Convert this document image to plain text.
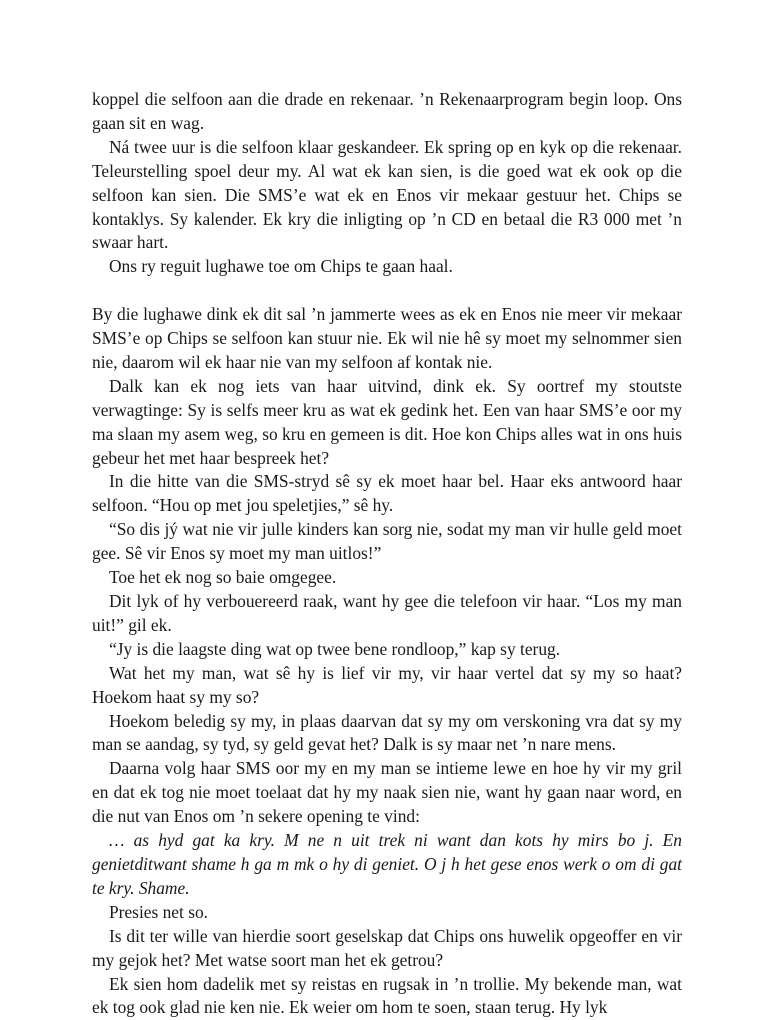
koppel die selfoon aan die drade en rekenaar. ’n Rekenaarprogram begin loop. Ons gaan sit en wag.

Ná twee uur is die selfoon klaar geskandeer. Ek spring op en kyk op die rekenaar. Teleurstelling spoel deur my. Al wat ek kan sien, is die goed wat ek ook op die selfoon kan sien. Die SMS’e wat ek en Enos vir mekaar gestuur het. Chips se kontaklys. Sy kalender. Ek kry die inligting op ’n CD en betaal die R3 000 met ’n swaar hart.

Ons ry reguit lughawe toe om Chips te gaan haal.

By die lughawe dink ek dit sal ’n jammerte wees as ek en Enos nie meer vir mekaar SMS’e op Chips se selfoon kan stuur nie. Ek wil nie hê sy moet my selnommer sien nie, daarom wil ek haar nie van my selfoon af kontak nie.

Dalk kan ek nog iets van haar uitvind, dink ek. Sy oortref my stoutste verwagtinge: Sy is selfs meer kru as wat ek gedink het. Een van haar SMS’e oor my ma slaan my asem weg, so kru en gemeen is dit. Hoe kon Chips alles wat in ons huis gebeur het met haar bespreek het?

In die hitte van die SMS-stryd sê sy ek moet haar bel. Haar eks antwoord haar selfoon. “Hou op met jou speletjies,” sê hy.

“So dis jý wat nie vir julle kinders kan sorg nie, sodat my man vir hulle geld moet gee. Sê vir Enos sy moet my man uitlos!”

Toe het ek nog so baie omgegee.

Dit lyk of hy verbouereerd raak, want hy gee die telefoon vir haar. “Los my man uit!” gil ek.

“Jy is die laagste ding wat op twee bene rondloop,” kap sy terug.

Wat het my man, wat sê hy is lief vir my, vir haar vertel dat sy my so haat? Hoekom haat sy my so?

Hoekom beledig sy my, in plaas daarvan dat sy my om verskoning vra dat sy my man se aandag, sy tyd, sy geld gevat het? Dalk is sy maar net ’n nare mens.

Daarna volg haar SMS oor my en my man se intieme lewe en hoe hy vir my gril en dat ek tog nie moet toelaat dat hy my naak sien nie, want hy gaan naar word, en die nut van Enos om ’n sekere opening te vind:

… as hyd gat ka kry. M ne n uit trek ni want dan kots hy mirs bo j. En genietditwant shame h ga m mk o hy di geniet. O j h het gese enos werk o om di gat te kry. Shame.

Presies net so.

Is dit ter wille van hierdie soort geselskap dat Chips ons huwelik opgeoffer en vir my gejok het? Met watse soort man het ek getrou?

Ek sien hom dadelik met sy reistas en rugsak in ’n trollie. My bekende man, wat ek tog ook glad nie ken nie. Ek weier om hom te soen, staan terug. Hy lyk
